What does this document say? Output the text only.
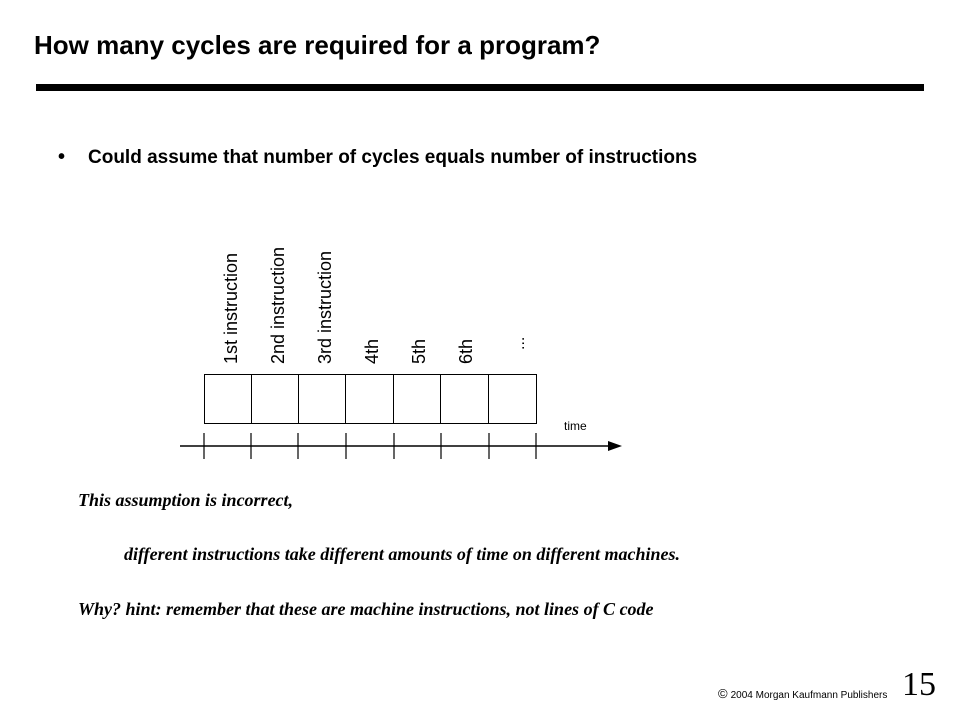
How many cycles are required for a program?
• Could assume that number of cycles equals number of instructions
1st instruction 2nd instruction 3rd instruction 4th 5th 6th ...
time
This assumption is incorrect,
different instructions take different amounts of time on different machines.
Why? hint: remember that these are machine instructions, not lines of C code
15
© 2004 Morgan Kaufmann Publishers
